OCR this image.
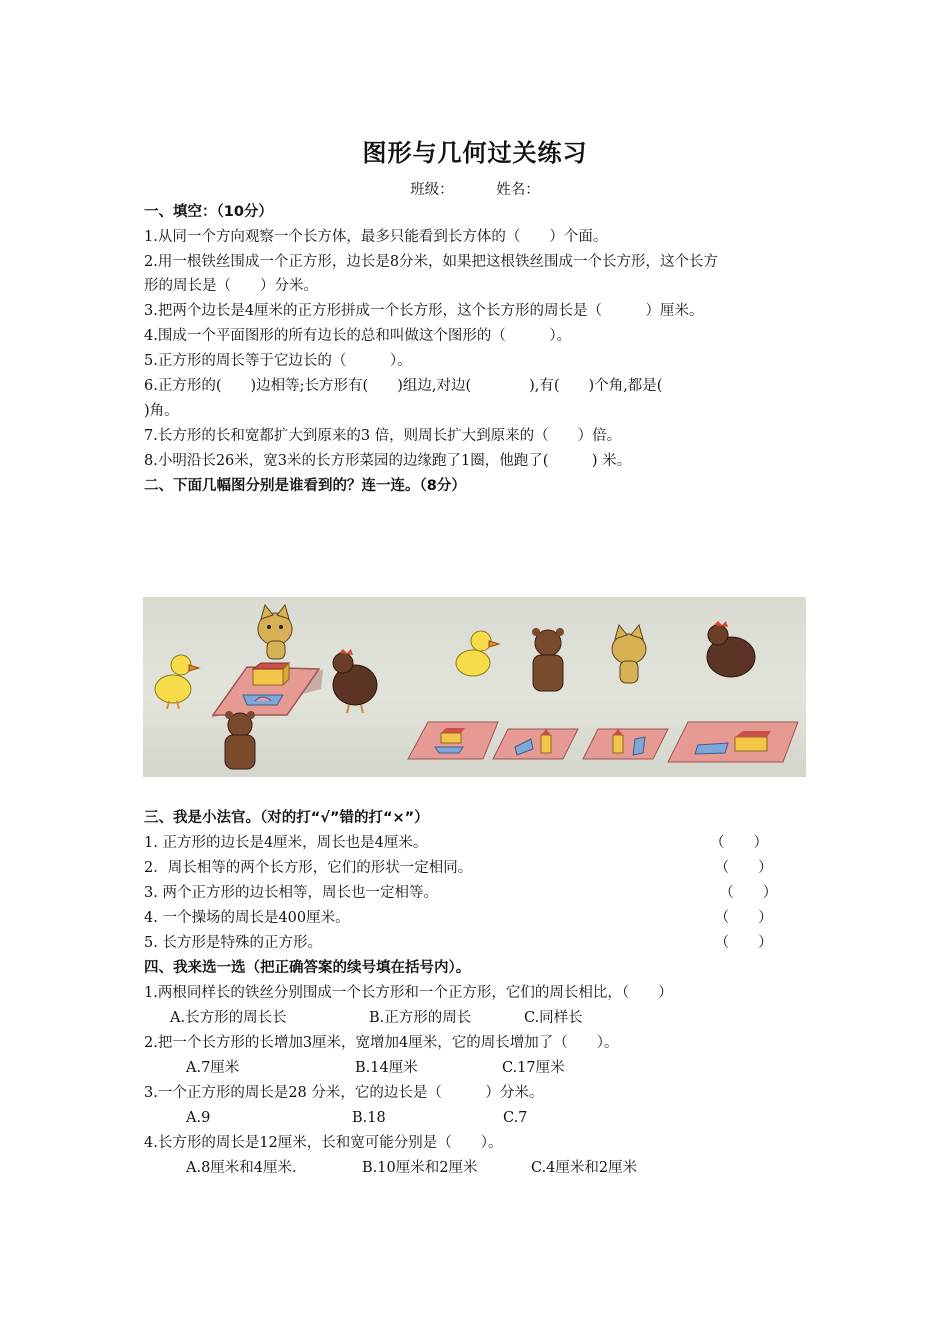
图形与几何过关练习
班级：	姓名：
一、填空：（10分）
1.从同一个方向观察一个长方体，最多只能看到长方体的（　　）个面。
2.用一根铁丝围成一个正方形，边长是8分米，如果把这根铁丝围成一个长方形，这个长方
形的周长是（　　）分米。
3.把两个边长是4厘米的正方形拼成一个长方形，这个长方形的周长是（　　　）厘米。
4.围成一个平面图形的所有边长的总和叫做这个图形的（　　　）。
5.正方形的周长等于它边长的（　　　）。
6.正方形的(　　)边相等;长方形有(　　)组边,对边(　　　　),有(　　)个角,都是(
)角。
7.长方形的长和宽都扩大到原来的3 倍，则周长扩大到原来的（　　）倍。
8.小明沿长26米，宽3米的长方形菜园的边缘跑了1圈，他跑了(　　　) 米。
二、下面几幅图分别是谁看到的？连一连。（8分）
三、我是小法官。（对的打“√”错的打“×”）
1. 正方形的边长是4厘米，周长也是4厘米。	（　　）
2．周长相等的两个长方形，它们的形状一定相同。	（　　）
3. 两个正方形的边长相等，周长也一定相等。	（　　）
4. 一个操场的周长是400厘米。	（　　）
5. 长方形是特殊的正方形。	（　　）
四、我来选一选（把正确答案的续号填在括号内）。
1.两根同样长的铁丝分别围成一个长方形和一个正方形，它们的周长相比，（　　）
A.长方形的周长长	B.正方形的周长	C.同样长
2.把一个长方形的长增加3厘米，宽增加4厘米，它的周长增加了（　　）。
A.7厘米	B.14厘米	C.17厘米
3.一个正方形的周长是28 分米，它的边长是（　　　）分米。
A.9	B.18	C.7
4.长方形的周长是12厘米，长和宽可能分别是（　　）。
A.8厘米和4厘米.	B.10厘米和2厘米	C.4厘米和2厘米
